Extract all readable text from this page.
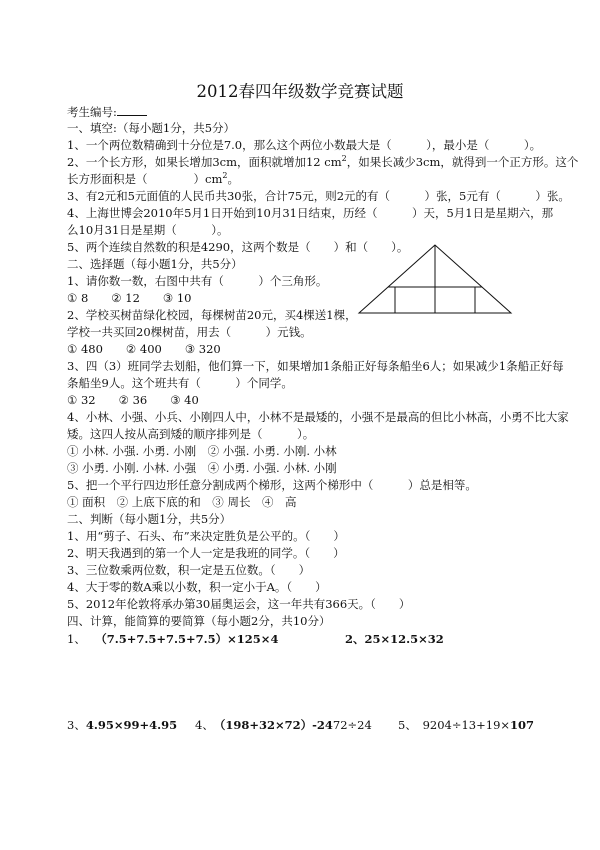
2012春四年级数学竞赛试题
考生编号:
一、填空:（每小题1分，共5分）
1、一个两位数精确到十分位是7.0，那么这个两位小数最大是（　　　），最小是（　　　）。
2、一个长方形，如果长增加3cm，面积就增加12 $cm^2$，如果长减少3cm，就得到一个正方形。这个
长方形面积是（　　　　）$cm^2$。
3、有2元和5元面值的人民币共30张，合计75元，则2元的有（　　　）张，5元有（　　　）张。
4、上海世博会2010年5月1日开始到10月31日结束，历经（　　　）天，5月1日是星期六，那
么10月31日是星期（　　　）。
5、两个连续自然数的积是4290，这两个数是（　　）和（　　）。
二、选择题（每小题1分，共5分）
1、请你数一数，右图中共有（　　　）个三角形。
① 8　　② 12　　③ 10
2、学校买树苗绿化校园，每棵树苗20元，买4棵送1棵，
学校一共买回20棵树苗，用去（　　　）元钱。
① 480　　② 400　　③ 320
3、四（3）班同学去划船，他们算一下，如果增加1条船正好每条船坐6人；如果减少1条船正好每
条船坐9人。这个班共有（　　　）个同学。
① 32　　② 36　　③ 40
4、小林、小强、小兵、小刚四人中，小林不是最矮的，小强不是最高的但比小林高，小勇不比大家
矮。这四人按从高到矮的顺序排列是（　　　）。
① 小林. 小强. 小勇. 小刚　② 小强. 小勇. 小刚. 小林
③ 小勇. 小刚. 小林. 小强　④ 小勇. 小强. 小林. 小刚
5、把一个平行四边形任意分割成两个梯形，这两个梯形中（　　　）总是相等。
① 面积　② 上底下底的和　③ 周长　④　高
二、判断（每小题1分，共5分）
1、用“剪子、石头、布”来决定胜负是公平的。（　　）
2、明天我遇到的第一个人一定是我班的同学。（　　）
3、三位数乘两位数，积一定是五位数。（　　）
4、大于零的数A乘以小数，积一定小于A。（　　）
5、2012年伦敦将承办第30届奥运会，这一年共有366天。（　　）
四、计算，能简算的要简算（每小题2分，共10分）
1、　 （7.5+7.5+7.5+7.5）×125×4	2、25×12.5×32
3、4.95×99+4.95 4、　 （198+32×72）-2472÷24 5、　 9204÷13+19×107
